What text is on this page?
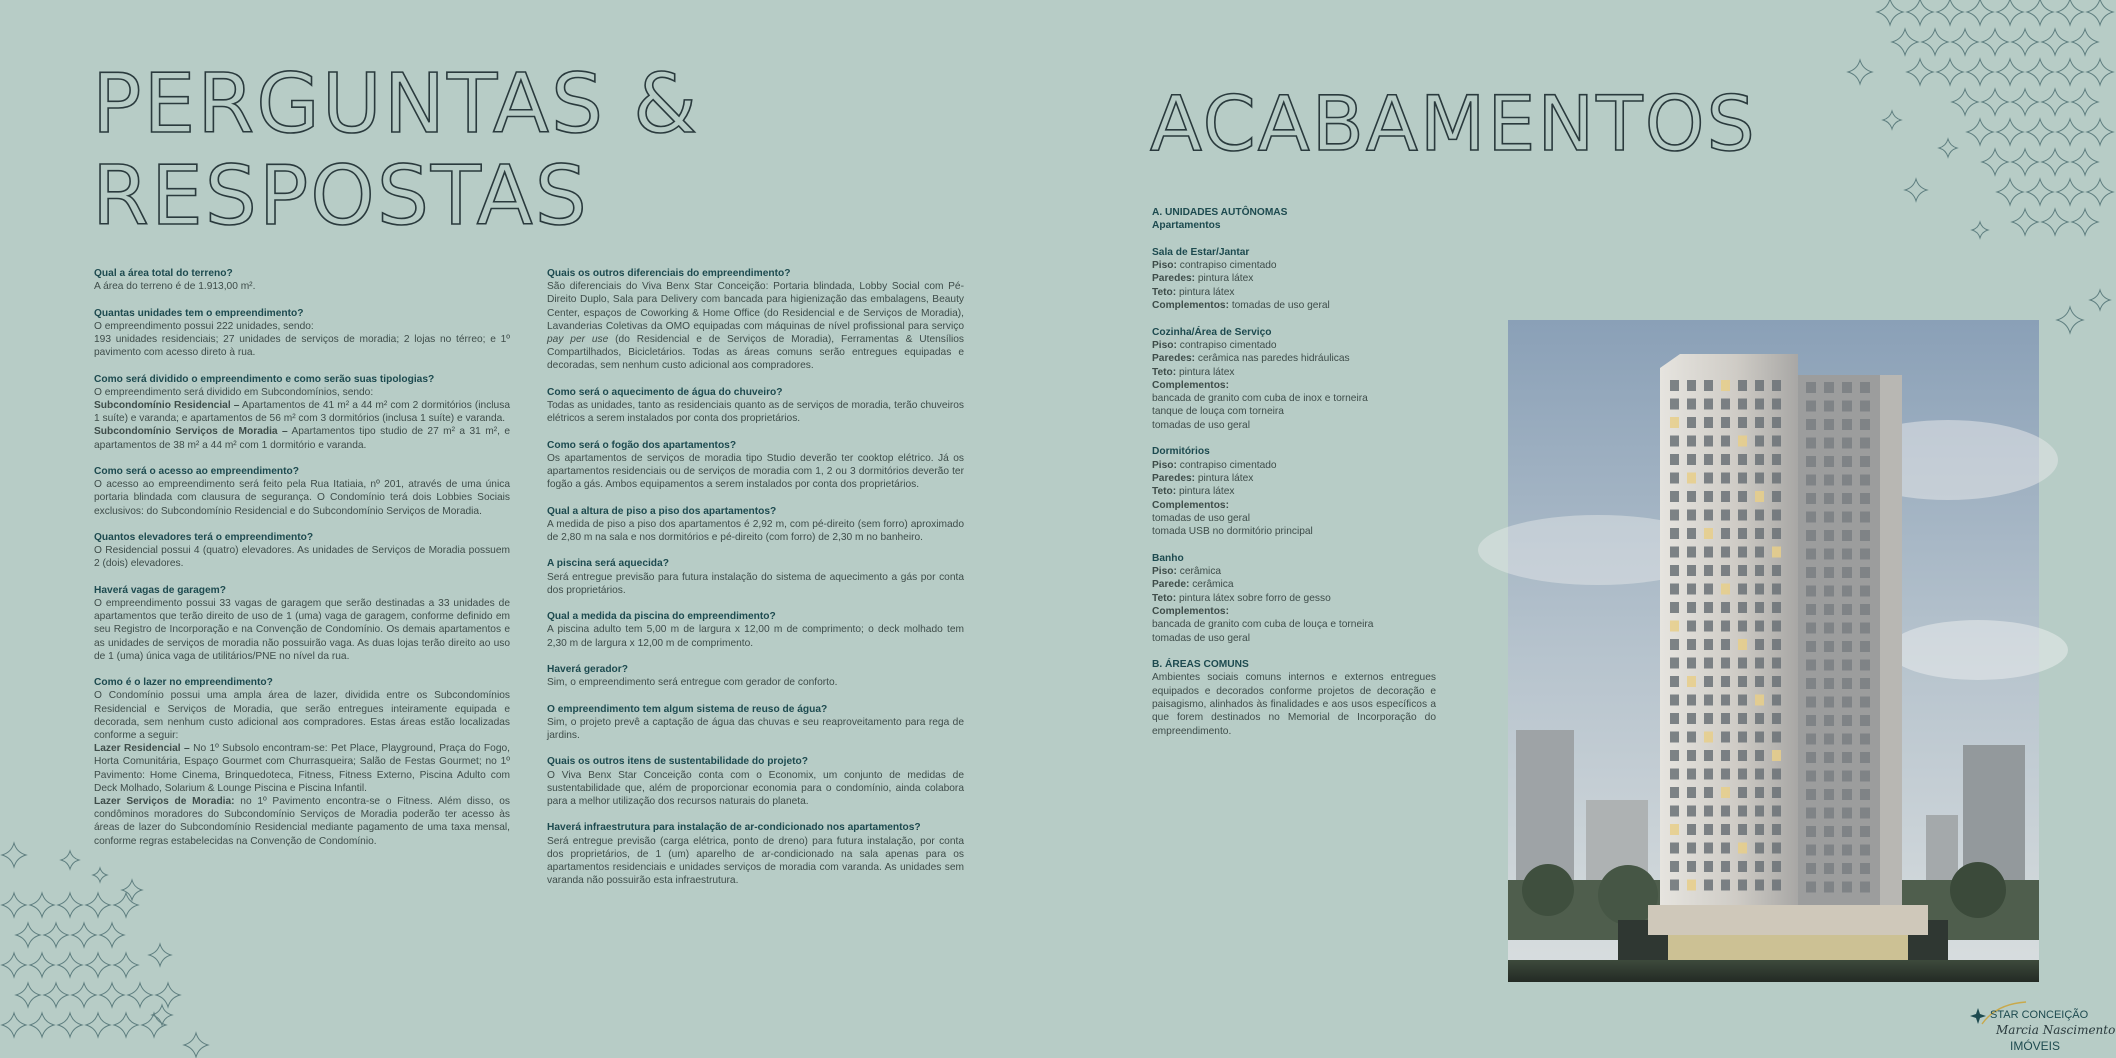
PERGUNTAS &
RESPOSTAS
ACABAMENTOS
Qual a área total do terreno?
A área do terreno é de 1.913,00 m².
Quantas unidades tem o empreendimento?
O empreendimento possui 222 unidades, sendo:
193 unidades residenciais; 27 unidades de serviços de moradia; 2 lojas no térreo; e 1º pavimento com acesso direto à rua.
Como será dividido o empreendimento e como serão suas tipologias?
O empreendimento será dividido em Subcondomínios, sendo:
Subcondomínio Residencial – Apartamentos de 41 m² a 44 m² com 2 dormitórios (inclusa 1 suíte) e varanda; e apartamentos de 56 m² com 3 dormitórios (inclusa 1 suíte) e varanda.
Subcondomínio Serviços de Moradia – Apartamentos tipo studio de 27 m² a 31 m², e apartamentos de 38 m² a 44 m² com 1 dormitório e varanda.
Como será o acesso ao empreendimento?
O acesso ao empreendimento será feito pela Rua Itatiaia, nº 201, através de uma única portaria blindada com clausura de segurança. O Condomínio terá dois Lobbies Sociais exclusivos: do Subcondomínio Residencial e do Subcondomínio Serviços de Moradia.
Quantos elevadores terá o empreendimento?
O Residencial possui 4 (quatro) elevadores. As unidades de Serviços de Moradia possuem 2 (dois) elevadores.
Haverá vagas de garagem?
O empreendimento possui 33 vagas de garagem que serão destinadas a 33 unidades de apartamentos que terão direito de uso de 1 (uma) vaga de garagem, conforme definido em seu Registro de Incorporação e na Convenção de Condomínio. Os demais apartamentos e as unidades de serviços de moradia não possuirão vaga. As duas lojas terão direito ao uso de 1 (uma) única vaga de utilitários/PNE no nível da rua.
Como é o lazer no empreendimento?
O Condomínio possui uma ampla área de lazer, dividida entre os Subcondomínios Residencial e Serviços de Moradia, que serão entregues inteiramente equipada e decorada, sem nenhum custo adicional aos compradores. Estas áreas estão localizadas conforme a seguir:
Lazer Residencial – No 1º Subsolo encontram-se: Pet Place, Playground, Praça do Fogo, Horta Comunitária, Espaço Gourmet com Churrasqueira; Salão de Festas Gourmet; no 1º Pavimento: Home Cinema, Brinquedoteca, Fitness, Fitness Externo, Piscina Adulto com Deck Molhado, Solarium & Lounge Piscina e Piscina Infantil.
Lazer Serviços de Moradia: no 1º Pavimento encontra-se o Fitness. Além disso, os condôminos moradores do Subcondomínio Serviços de Moradia poderão ter acesso às áreas de lazer do Subcondomínio Residencial mediante pagamento de uma taxa mensal, conforme regras estabelecidas na Convenção de Condomínio.
Quais os outros diferenciais do empreendimento?
São diferenciais do Viva Benx Star Conceição: Portaria blindada, Lobby Social com Pé-Direito Duplo, Sala para Delivery com bancada para higienização das embalagens, Beauty Center, espaços de Coworking & Home Office (do Residencial e de Serviços de Moradia), Lavanderias Coletivas da OMO equipadas com máquinas de nível profissional para serviço pay per use (do Residencial e de Serviços de Moradia), Ferramentas & Utensílios Compartilhados, Bicicletários. Todas as áreas comuns serão entregues equipadas e decoradas, sem nenhum custo adicional aos compradores.
Como será o aquecimento de água do chuveiro?
Todas as unidades, tanto as residenciais quanto as de serviços de moradia, terão chuveiros elétricos a serem instalados por conta dos proprietários.
Como será o fogão dos apartamentos?
Os apartamentos de serviços de moradia tipo Studio deverão ter cooktop elétrico. Já os apartamentos residenciais ou de serviços de moradia com 1, 2 ou 3 dormitórios deverão ter fogão a gás. Ambos equipamentos a serem instalados por conta dos proprietários.
Qual a altura de piso a piso dos apartamentos?
A medida de piso a piso dos apartamentos é 2,92 m, com pé-direito (sem forro) aproximado de 2,80 m na sala e nos dormitórios e pé-direito (com forro) de 2,30 m no banheiro.
A piscina será aquecida?
Será entregue previsão para futura instalação do sistema de aquecimento a gás por conta dos proprietários.
Qual a medida da piscina do empreendimento?
A piscina adulto tem 5,00 m de largura x 12,00 m de comprimento; o deck molhado tem 2,30 m de largura x 12,00 m de comprimento.
Haverá gerador?
Sim, o empreendimento será entregue com gerador de conforto.
O empreendimento tem algum sistema de reuso de água?
Sim, o projeto prevê a captação de água das chuvas e seu reaproveitamento para rega de jardins.
Quais os outros itens de sustentabilidade do projeto?
O Viva Benx Star Conceição conta com o Economix, um conjunto de medidas de sustentabilidade que, além de proporcionar economia para o condomínio, ainda colabora para a melhor utilização dos recursos naturais do planeta.
Haverá infraestrutura para instalação de ar-condicionado nos apartamentos?
Será entregue previsão (carga elétrica, ponto de dreno) para futura instalação, por conta dos proprietários, de 1 (um) aparelho de ar-condicionado na sala apenas para os apartamentos residenciais e unidades serviços de moradia com varanda. As unidades sem varanda não possuirão esta infraestrutura.
A. UNIDADES AUTÔNOMAS
Apartamentos
Sala de Estar/Jantar
Piso: contrapiso cimentado
Paredes: pintura látex
Teto: pintura látex
Complementos: tomadas de uso geral
Cozinha/Área de Serviço
Piso: contrapiso cimentado
Paredes: cerâmica nas paredes hidráulicas
Teto: pintura látex
Complementos:
bancada de granito com cuba de inox e torneira
tanque de louça com torneira
tomadas de uso geral
Dormitórios
Piso: contrapiso cimentado
Paredes: pintura látex
Teto: pintura látex
Complementos:
tomadas de uso geral
tomada USB no dormitório principal
Banho
Piso: cerâmica
Parede: cerâmica
Teto: pintura látex sobre forro de gesso
Complementos:
bancada de granito com cuba de louça e torneira
tomadas de uso geral
B. ÁREAS COMUNS
Ambientes sociais comuns internos e externos entregues equipados e decorados conforme projetos de decoração e paisagismo, alinhados às finalidades e aos usos específicos a que forem destinados no Memorial de Incorporação do empreendimento.
STAR CONCEIÇÃO
Marcia Nascimento
IMÓVEIS
